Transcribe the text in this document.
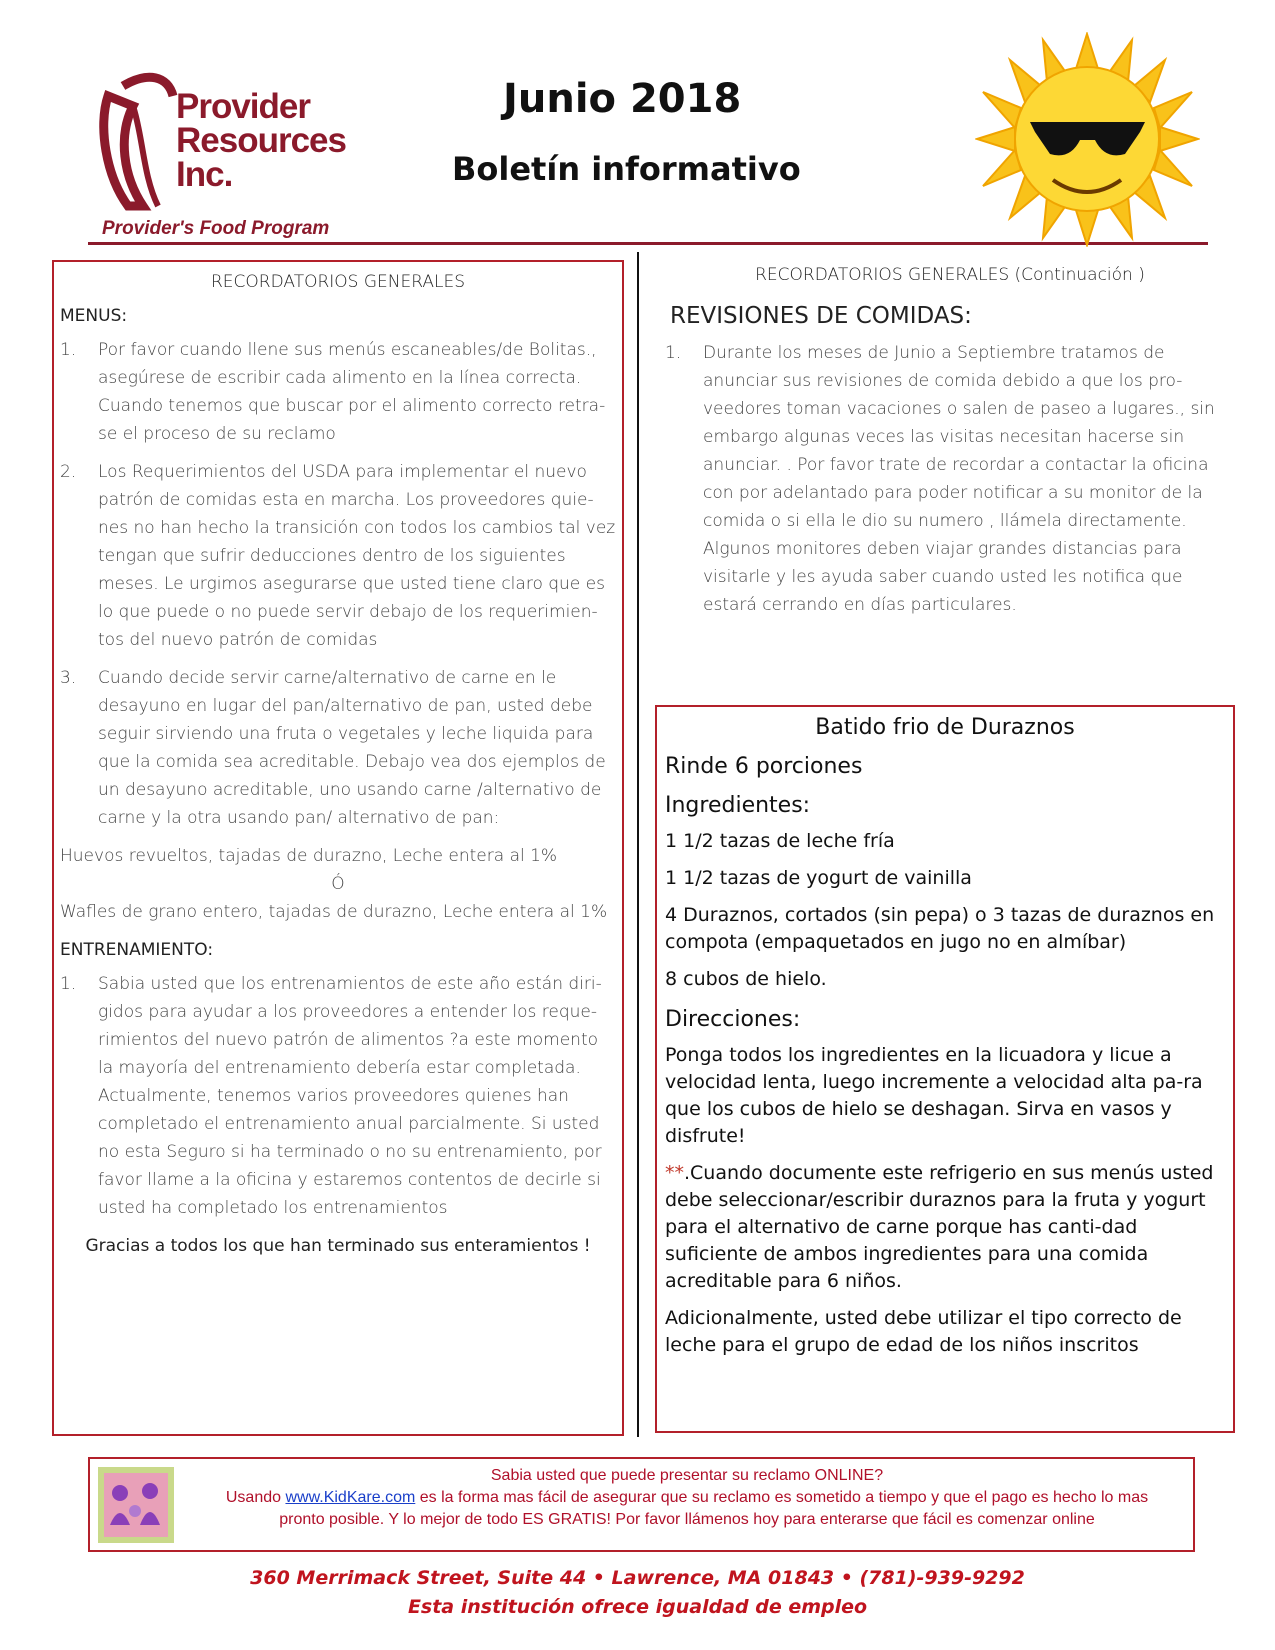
Provider
Resources
Inc.
Provider's Food Program
Junio 2018
Boletín informativo
RECORDATORIOS GENERALES
MENUS:
1. Por favor cuando llene sus menús escaneables/de Bolitas., asegúrese de escribir cada alimento en la línea correcta. Cuando tenemos que buscar por el alimento correcto retra-se el proceso de su reclamo
2. Los Requerimientos del USDA para implementar el nuevo patrón de comidas esta en marcha. Los proveedores quie-nes no han hecho la transición con todos los cambios tal vez tengan que sufrir deducciones dentro de los siguientes meses. Le urgimos asegurarse que usted tiene claro que es lo que puede o no puede servir debajo de los requerimien-tos del nuevo patrón de comidas
3. Cuando decide servir carne/alternativo de carne en le desayuno en lugar del pan/alternativo de pan, usted debe seguir sirviendo una fruta o vegetales y leche liquida para que la comida sea acreditable. Debajo vea dos ejemplos de un desayuno acreditable, uno usando carne /alternativo de carne y la otra usando pan/ alternativo de pan:
Huevos revueltos, tajadas de durazno, Leche entera al 1%
Ó
Wafles de grano entero, tajadas de durazno, Leche entera al 1%
ENTRENAMIENTO:
1. Sabia usted que los entrenamientos de este año están diri-gidos para ayudar a los proveedores a entender los reque-rimientos del nuevo patrón de alimentos ?a este momento la mayoría del entrenamiento debería estar completada. Actualmente, tenemos varios proveedores quienes han completado el entrenamiento anual parcialmente. Si usted no esta Seguro si ha terminado o no su entrenamiento, por favor llame a la oficina y estaremos contentos de decirle si usted ha completado los entrenamientos
Gracias a todos los que han terminado sus enteramientos !
RECORDATORIOS GENERALES (Continuación )
REVISIONES DE COMIDAS:
1. Durante los meses de Junio a Septiembre tratamos de anunciar sus revisiones de comida debido a que los pro-veedores toman vacaciones o salen de paseo a lugares., sin embargo algunas veces las visitas necesitan hacerse sin anunciar. . Por favor trate de recordar a contactar la oficina con por adelantado para poder notificar a su monitor de la comida o si ella le dio su numero , llámela directamente. Algunos monitores deben viajar grandes distancias para visitarle y les ayuda saber cuando usted les notifica que estará cerrando en días particulares.
Batido frio de Duraznos
Rinde 6 porciones
Ingredientes:
1 1/2 tazas de leche fría
1 1/2 tazas de yogurt de vainilla
4 Duraznos, cortados (sin pepa) o 3 tazas de duraznos en compota (empaquetados en jugo no en almíbar)
8 cubos de hielo.
Direcciones:
Ponga todos los ingredientes en la licuadora y licue a velocidad lenta, luego incremente a velocidad alta pa-ra que los cubos de hielo se deshagan. Sirva en vasos y disfrute!
**.Cuando documente este refrigerio en sus menús usted debe seleccionar/escribir duraznos para la fruta y yogurt para el alternativo de carne porque has canti-dad suficiente de ambos ingredientes para una comida acreditable para 6 niños.
Adicionalmente, usted debe utilizar el tipo correcto de leche para el grupo de edad de los niños inscritos
Sabia usted que puede presentar su reclamo ONLINE?
Usando www.KidKare.com es la forma mas fácil de asegurar que su reclamo es sometido a tiempo y que el pago es hecho lo mas
pronto posible. Y lo mejor de todo ES GRATIS! Por favor llámenos hoy para enterarse que fácil es comenzar online
360 Merrimack Street, Suite 44 • Lawrence, MA 01843 • (781)-939-9292
Esta institución ofrece igualdad de empleo
